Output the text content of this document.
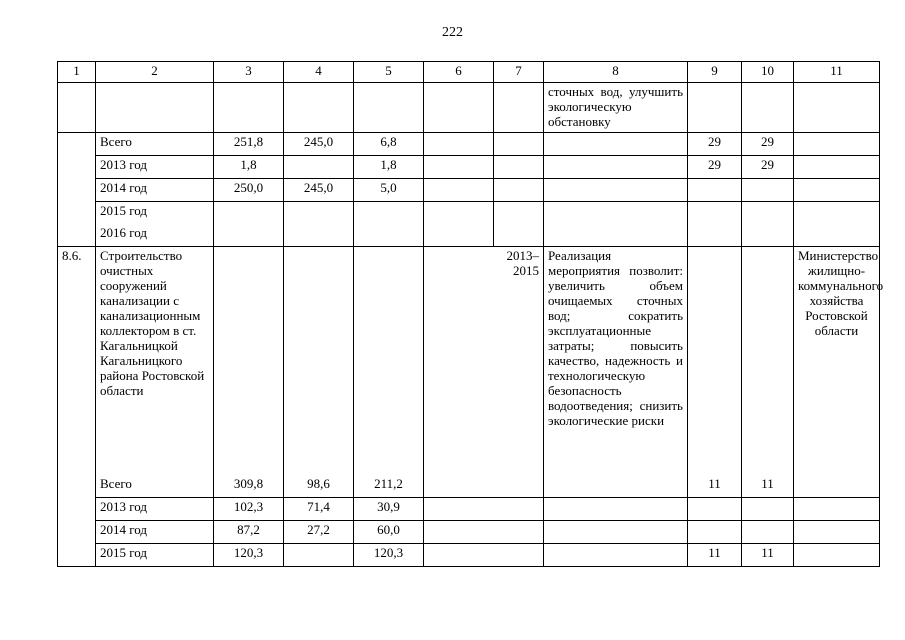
222
1	2	3	4	5	6	7	8	9	10	11
							сточных вод, улучшить экологическую обстановку			
	Всего	251,8	245,0	6,8				29	29	
	2013 год	1,8		1,8				29	29	
	2014 год	250,0	245,0	5,0						
	2015 год									
	2016 год									
8.6.	Строительство очистных сооружений канализации с канализационным коллектором в ст. Кагальницкой Кагальницкого района Ростовской области					2013–2015	Реализация мероприятия позволит: увеличить объем очищаемых сточных вод; сократить эксплуатационные затраты; повысить качество, надежность и технологическую безопасность водоотведения; снизить экологические риски			Министерство жилищно-коммунального хозяйства Ростовской области
	Всего	309,8	98,6	211,2				11	11	
	2013 год	102,3	71,4	30,9						
	2014 год	87,2	27,2	60,0						
	2015 год	120,3		120,3				11	11	
